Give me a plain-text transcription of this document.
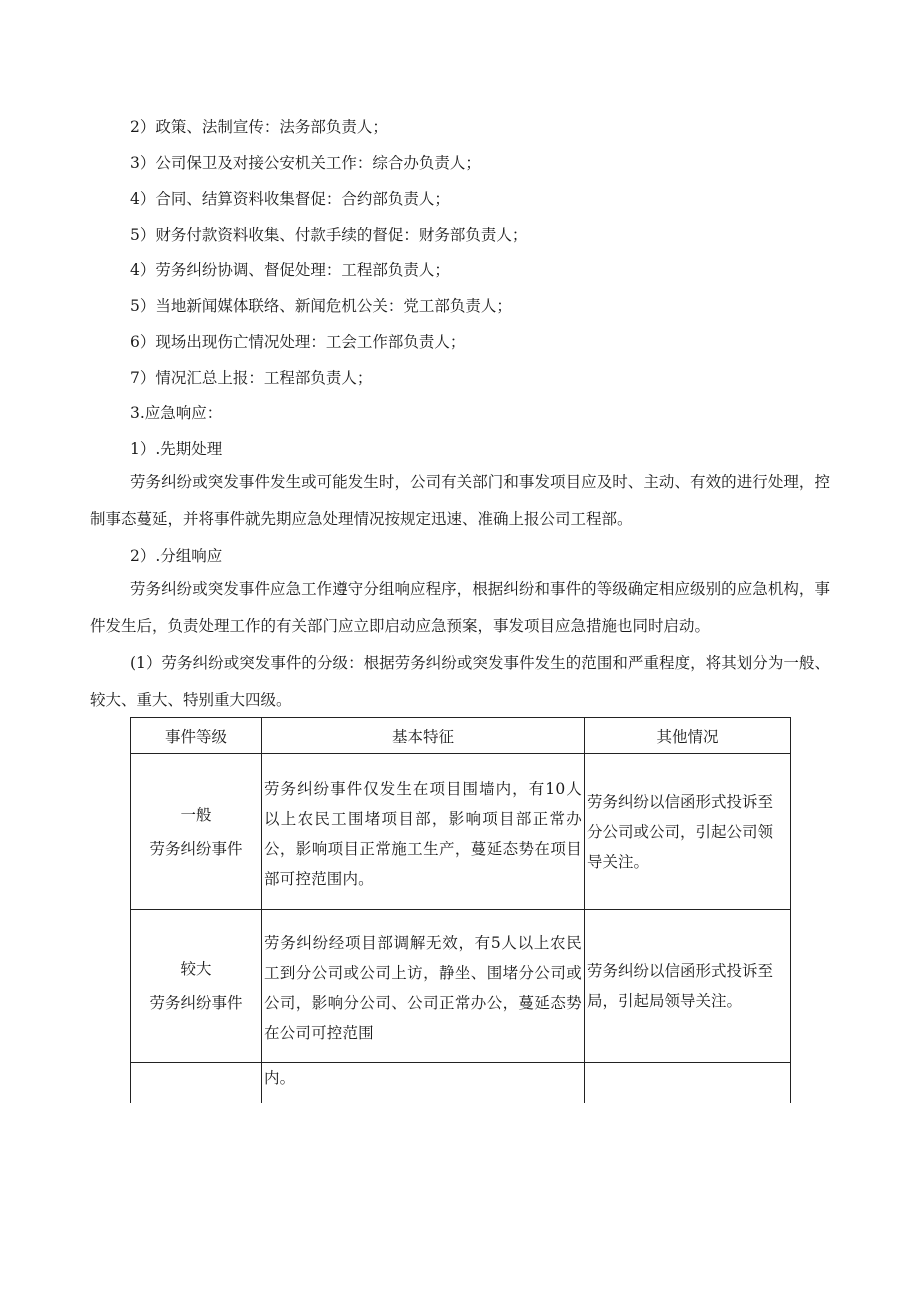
2）政策、法制宣传：法务部负责人；
3）公司保卫及对接公安机关工作：综合办负责人；
4）合同、结算资料收集督促：合约部负责人；
5）财务付款资料收集、付款手续的督促：财务部负责人；
4）劳务纠纷协调、督促处理：工程部负责人；
5）当地新闻媒体联络、新闻危机公关：党工部负责人；
6）现场出现伤亡情况处理：工会工作部负责人；
7）情况汇总上报：工程部负责人；
3.应急响应：
1）.先期处理

劳务纠纷或突发事件发生或可能发生时，公司有关部门和事发项目应及时、主动、有效的进行处理，控制事态蔓延，并将事件就先期应急处理情况按规定迅速、准确上报公司工程部。

2）.分组响应

劳务纠纷或突发事件应急工作遵守分组响应程序，根据纠纷和事件的等级确定相应级别的应急机构，事件发生后，负责处理工作的有关部门应立即启动应急预案，事发项目应急措施也同时启动。

(1）劳务纠纷或突发事件的分级：根据劳务纠纷或突发事件发生的范围和严重程度，将其划分为一般、较大、重大、特别重大四级。

事件等级	基本特征	其他情况

一般
劳务纠纷事件	劳务纠纷事件仅发生在项目围墙内，有10人以上农民工围堵项目部，影响项目部正常办公，影响项目正常施工生产，蔓延态势在项目部可控范围内。	劳务纠纷以信函形式投诉至分公司或公司，引起公司领导关注。

较大
劳务纠纷事件	劳务纠纷经项目部调解无效，有5人以上农民工到分公司或公司上访，静坐、围堵分公司或公司，影响分公司、公司正常办公，蔓延态势在公司可控范围	劳务纠纷以信函形式投诉至局，引起局领导关注。
	内。	
